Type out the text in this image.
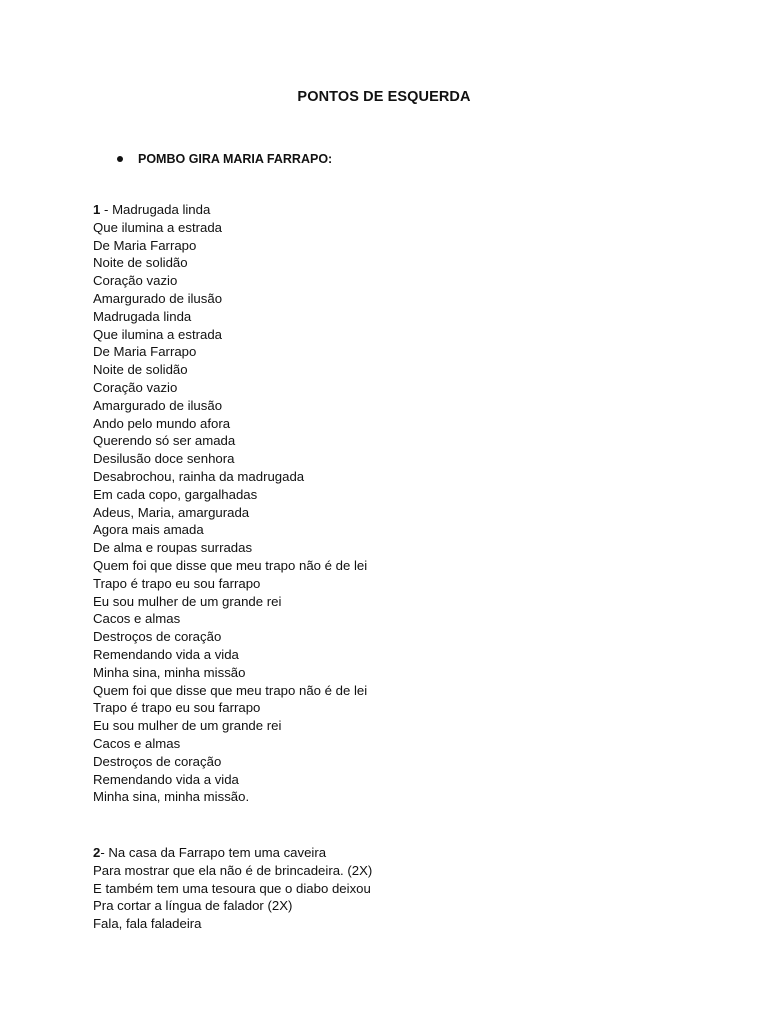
PONTOS DE ESQUERDA
POMBO GIRA MARIA FARRAPO:
1 - Madrugada linda
Que ilumina a estrada
De Maria Farrapo
Noite de solidão
Coração vazio
Amargurado de ilusão
Madrugada linda
Que ilumina a estrada
De Maria Farrapo
Noite de solidão
Coração vazio
Amargurado de ilusão
Ando pelo mundo afora
Querendo só ser amada
Desilusão doce senhora
Desabrochou, rainha da madrugada
Em cada copo, gargalhadas
Adeus, Maria, amargurada
Agora mais amada
De alma e roupas surradas
Quem foi que disse que meu trapo não é de lei
Trapo é trapo eu sou farrapo
Eu sou mulher de um grande rei
Cacos e almas
Destroços de coração
Remendando vida a vida
Minha sina, minha missão
Quem foi que disse que meu trapo não é de lei
Trapo é trapo eu sou farrapo
Eu sou mulher de um grande rei
Cacos e almas
Destroços de coração
Remendando vida a vida
Minha sina, minha missão.
2- Na casa da Farrapo tem uma caveira
Para mostrar que ela não é de brincadeira. (2X)
E também tem uma tesoura que o diabo deixou
Pra cortar a língua de falador (2X)
Fala, fala faladeira
